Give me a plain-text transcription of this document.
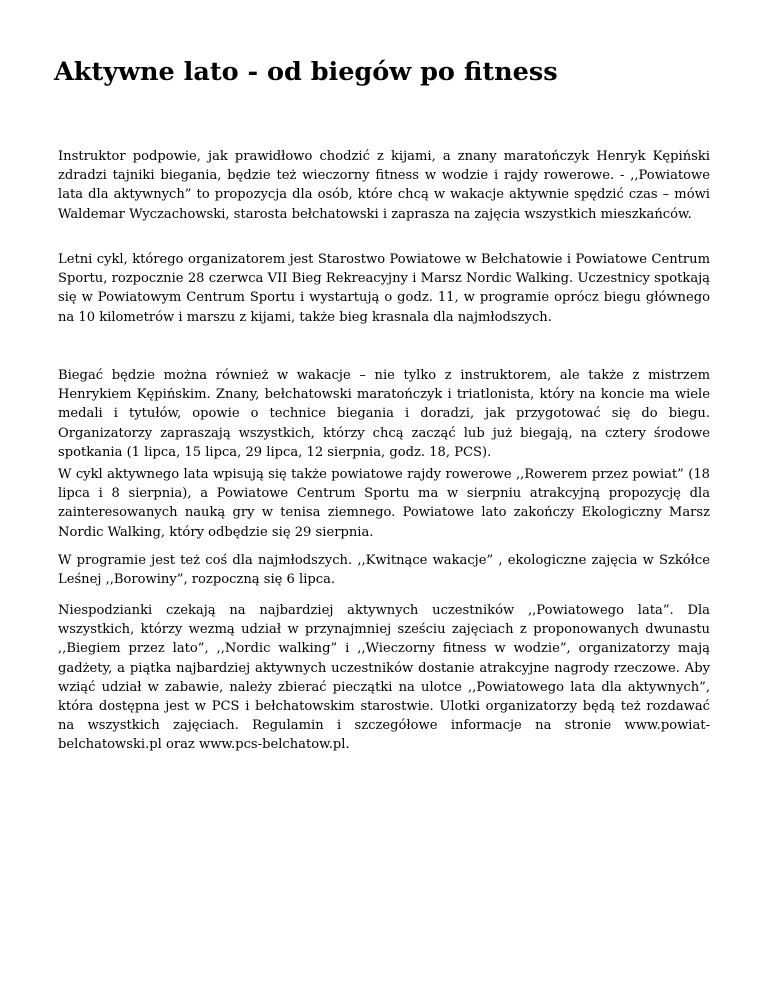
Aktywne lato - od biegów po fitness

Instruktor podpowie, jak prawidłowo chodzić z kijami, a znany maratończyk Henryk Kępiński zdradzi tajniki biegania, będzie też wieczorny fitness w wodzie i rajdy rowerowe. - ,,Powiatowe lata dla aktywnych” to propozycja dla osób, które chcą w wakacje aktywnie spędzić czas – mówi Waldemar Wyczachowski, starosta bełchatowski i zaprasza na zajęcia wszystkich mieszkańców.

Letni cykl, którego organizatorem jest Starostwo Powiatowe w Bełchatowie i Powiatowe Centrum Sportu, rozpocznie 28 czerwca VII Bieg Rekreacyjny i Marsz Nordic Walking. Uczestnicy spotkają się w Powiatowym Centrum Sportu i wystartują o godz. 11, w programie oprócz biegu głównego na 10 kilometrów i marszu z kijami, także bieg krasnala dla najmłodszych.

Biegać będzie można również w wakacje – nie tylko z instruktorem, ale także z mistrzem Henrykiem Kępińskim. Znany, bełchatowski maratończyk i triatlonista, który na koncie ma wiele medali i tytułów, opowie o technice biegania i doradzi, jak przygotować się do biegu. Organizatorzy zapraszają wszystkich, którzy chcą zacząć lub już biegają, na cztery środowe spotkania (1 lipca, 15 lipca, 29 lipca, 12 sierpnia, godz. 18, PCS).

W cykl aktywnego lata wpisują się także powiatowe rajdy rowerowe ,,Rowerem przez powiat” (18 lipca i 8 sierpnia), a Powiatowe Centrum Sportu ma w sierpniu atrakcyjną propozycję dla zainteresowanych nauką gry w tenisa ziemnego. Powiatowe lato zakończy Ekologiczny Marsz Nordic Walking, który odbędzie się 29 sierpnia.

W programie jest też coś dla najmłodszych. ,,Kwitnące wakacje” , ekologiczne zajęcia w Szkółce Leśnej ,,Borowiny”, rozpoczną się 6 lipca.

Niespodzianki czekają na najbardziej aktywnych uczestników ,,Powiatowego lata”. Dla wszystkich, którzy wezmą udział w przynajmniej sześciu zajęciach z proponowanych dwunastu ,,Biegiem przez lato”, ,,Nordic walking” i ,,Wieczorny fitness w wodzie”, organizatorzy mają gadżety, a piątka najbardziej aktywnych uczestników dostanie atrakcyjne nagrody rzeczowe. Aby wziąć udział w zabawie, należy zbierać pieczątki na ulotce ,,Powiatowego lata dla aktywnych”, która dostępna jest w PCS i bełchatowskim starostwie. Ulotki organizatorzy będą też rozdawać na wszystkich zajęciach. Regulamin i szczegółowe informacje na stronie www.powiat-belchatowski.pl oraz www.pcs-belchatow.pl.
